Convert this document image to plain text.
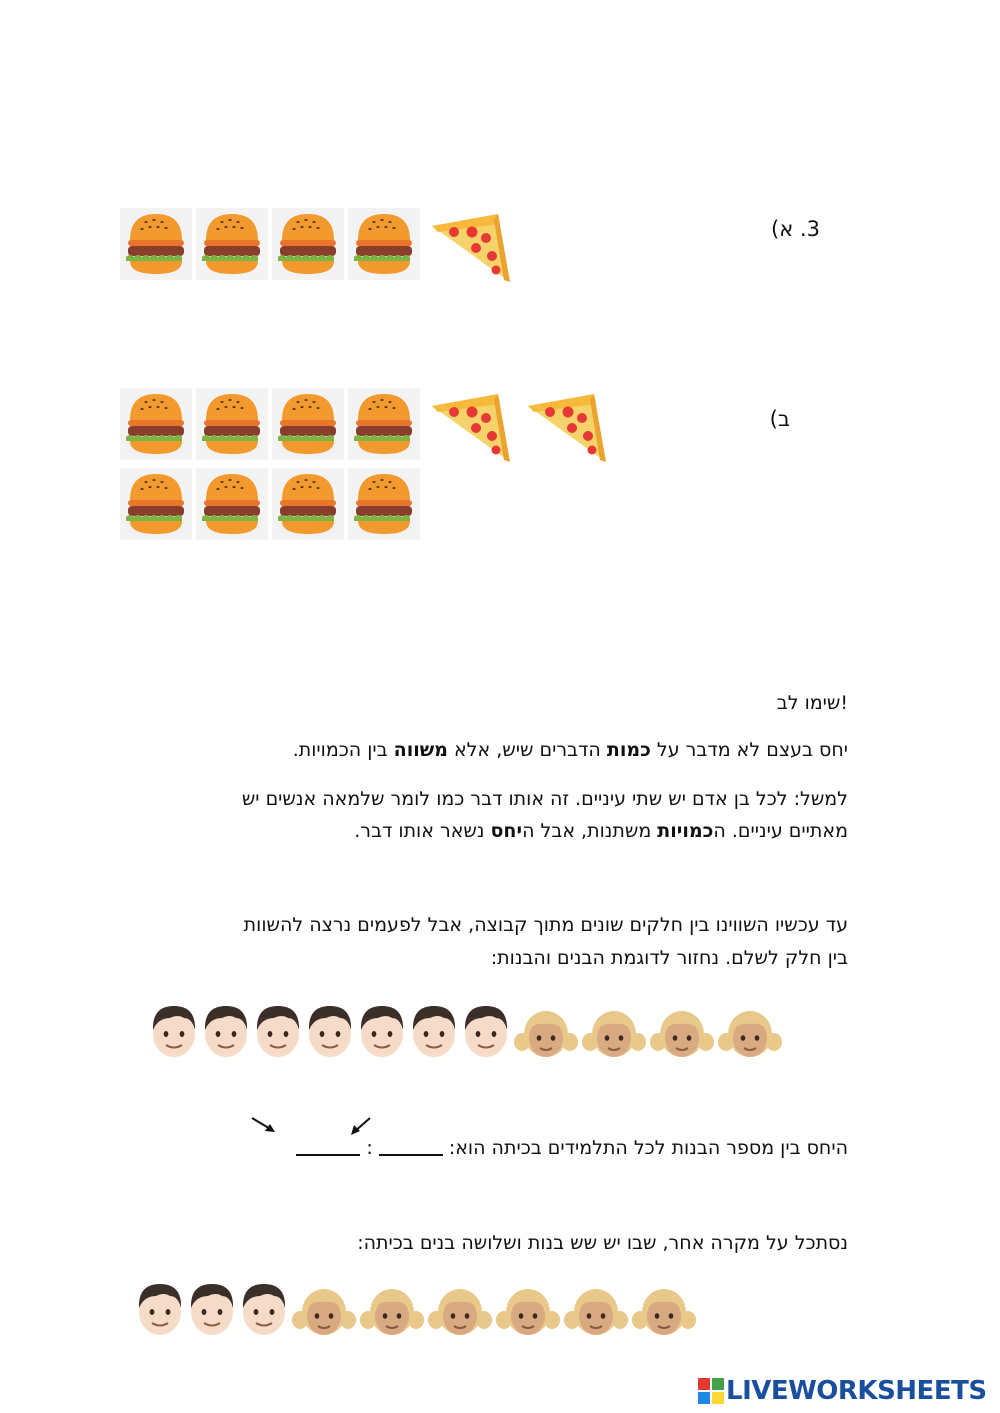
3. א)
ב)
!שימו לב
יחס בעצם לא מדבר על כמות הדברים שיש, אלא משווה בין הכמויות.
למשל: לכל בן אדם יש שתי עיניים. זה אותו דבר כמו לומר שלמאה אנשים יש
מאתיים עיניים. הכמויות משתנות, אבל היחס נשאר אותו דבר.
עד עכשיו השווינו בין חלקים שונים מתוך קבוצה, אבל לפעמים נרצה להשוות
בין חלק לשלם. נחזור לדוגמת הבנים והבנות:
היחס בין מספר הבנות לכל התלמידים בכיתה הוא:  :
נסתכל על מקרה אחר, שבו יש שש בנות ושלושה בנים בכיתה:
LIVEWORKSHEETS
